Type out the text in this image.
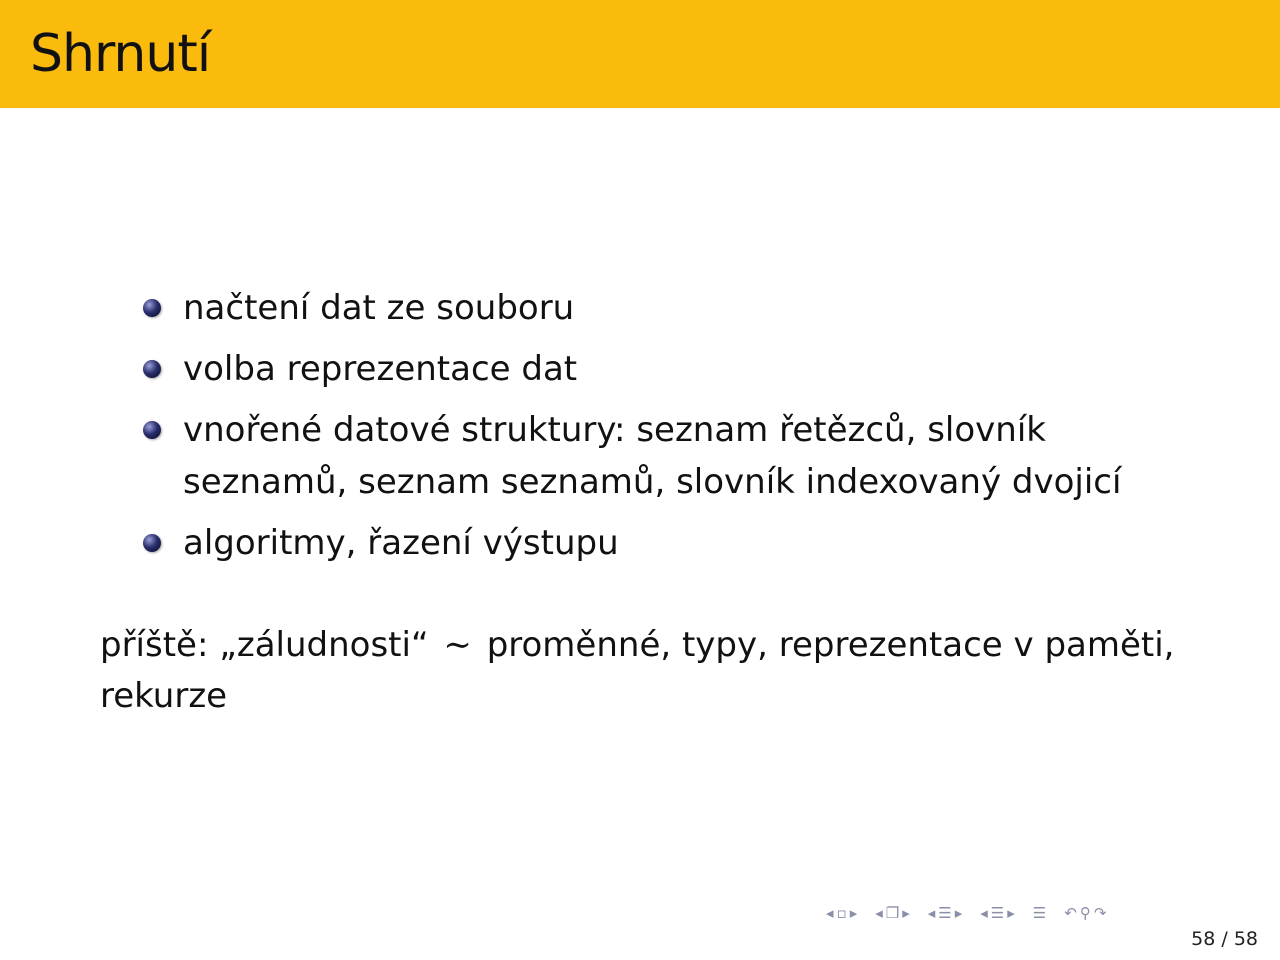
Shrnutí
načtení dat ze souboru
volba reprezentace dat
vnořené datové struktury: seznam řetězců, slovník seznamů, seznam seznamů, slovník indexovaný dvojicí
algoritmy, řazení výstupu

příště: „záludnosti“ ∼ proměnné, typy, reprezentace v paměti, rekurze

◂ ▫ ▸ ◂ ❐ ▸ ◂ ☰ ▸ ◂ ☰ ▸ ☰ ↶ ⚲ ↷
58 / 58
